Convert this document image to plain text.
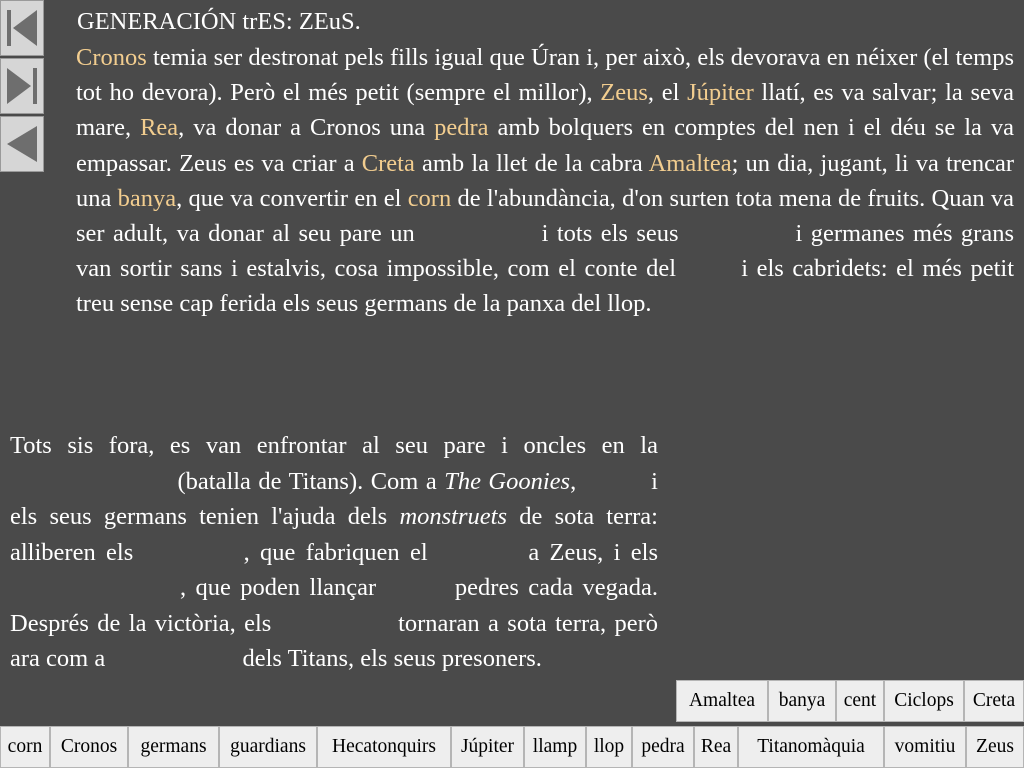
GENERACIÓN trES: ZEuS.
Cronos temia ser destronat pels fills igual que Úran i, per això, els devorava en néixer (el temps tot ho devora). Però el més petit (sempre el millor), Zeus, el Júpiter llatí, es va salvar; la seva mare, Rea, va donar a Cronos una pedra amb bolquers en comptes del nen i el déu se la va empassar. Zeus es va criar a Creta amb la llet de la cabra Amaltea; un dia, jugant, li va trencar una banya, que va convertir en el corn de l'abundància, d'on surten tota mena de fruits. Quan va ser adult, va donar al seu pare un	i tots els seus	i germanes més grans van sortir sans i estalvis, cosa impossible, com el conte del  i els cabridets: el més petit treu sense cap ferida els seus germans de la panxa del llop.
Tots sis fora, es van enfrontar al seu pare i oncles en la  (batalla de Titans). Com a The Goonies,  i els seus germans tenien l'ajuda dels monstruets de sota terra: alliberen els	, que fabriquen el	a Zeus, i els , que poden llançar  pedres cada vegada. Després de la victòria, els	tornaran a sota terra, però ara com a	dels Titans, els seus presoners.
Amaltea	banya cent Ciclops Creta
corn Cronos	germans	guardians	Hecatonquirs	Júpiter llamp llop pedra Rea	Titanomàquia	vomitiu	Zeus
